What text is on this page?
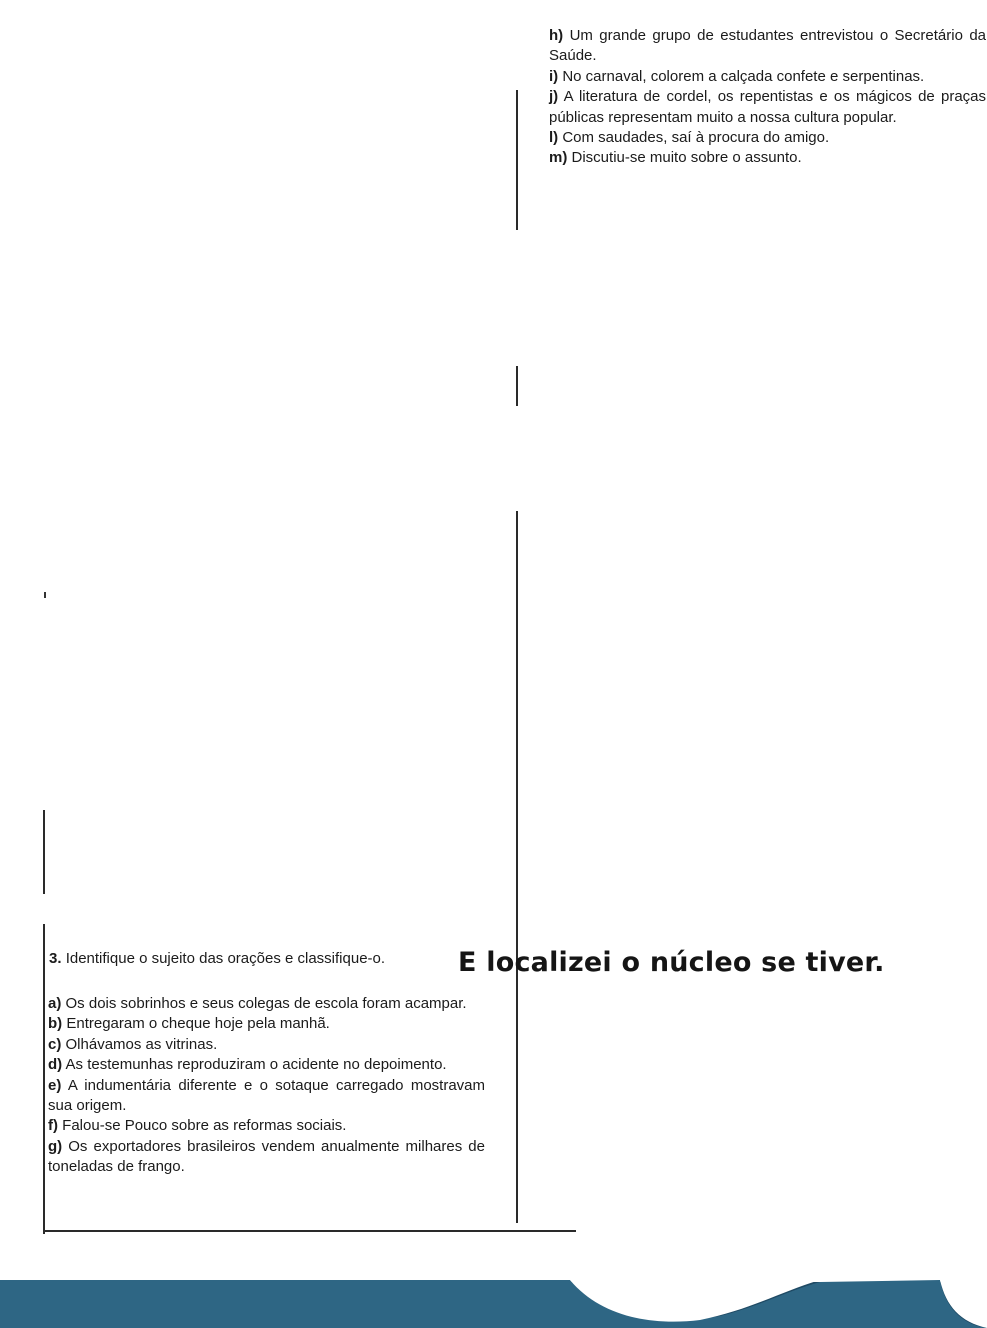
h) Um grande grupo de estudantes entrevistou o Secretário da Saúde.

i) No carnaval, colorem a calçada confete e serpentinas.

j) A literatura de cordel, os repentistas e os mágicos de praças públicas representam muito a nossa cultura popular.

l) Com saudades, saí à procura do amigo.

m) Discutiu-se muito sobre o assunto.

3. Identifique o sujeito das orações e classifique-o.	E localizei o núcleo se tiver.

a) Os dois sobrinhos e seus colegas de escola foram acampar.

b) Entregaram o cheque hoje pela manhã.

c) Olhávamos as vitrinas.

d) As testemunhas reproduziram o acidente no depoimento.

e) A indumentária diferente e o sotaque carregado mostravam sua origem.

f) Falou-se Pouco sobre as reformas sociais.

g) Os exportadores brasileiros vendem anualmente milhares de toneladas de frango.
